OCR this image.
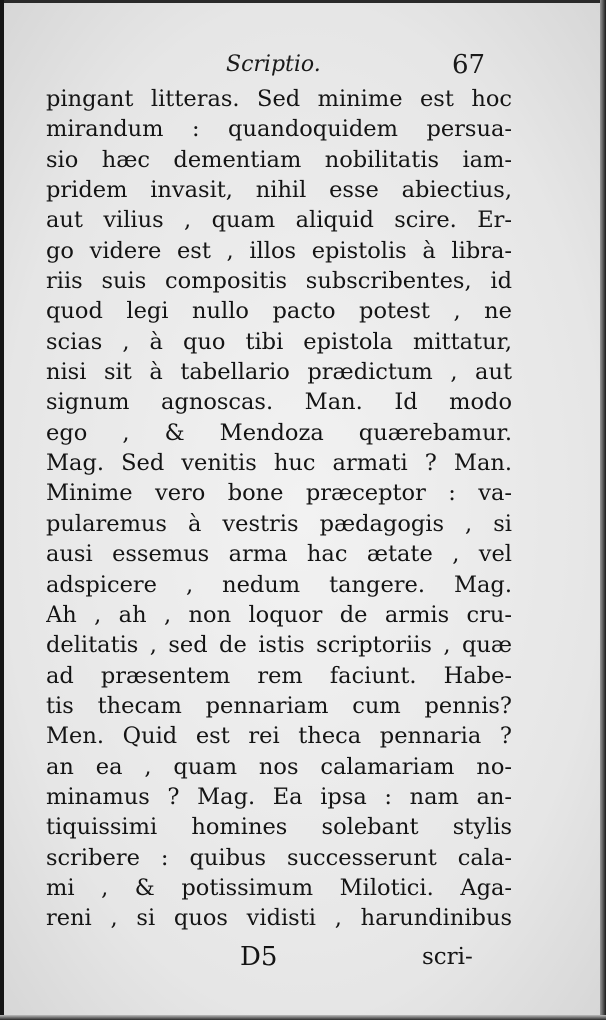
Scriptio.	67
pingant litteras. Sed minime est hoc
mirandum : quandoquidem persua-
sio hæc dementiam nobilitatis iam-
pridem invasit, nihil esse abiectius,
aut vilius , quam aliquid scire. Er-
go videre est , illos epistolis à libra-
riis suis compositis subscribentes, id
quod legi nullo pacto potest , ne
scias , à quo tibi epistola mittatur,
nisi sit à tabellario prædictum , aut
signum agnoscas. Man. Id modo
ego , & Mendoza quærebamur.
Mag. Sed venitis huc armati ? Man.
Minime vero bone præceptor : va-
pularemus à vestris pædagogis , si
ausi essemus arma hac ætate , vel
adspicere , nedum tangere. Mag.
Ah , ah , non loquor de armis cru-
delitatis , sed de istis scriptoriis , quæ
ad præsentem rem faciunt. Habe-
tis thecam pennariam cum pennis?
Men. Quid est rei theca pennaria ?
an ea , quam nos calamariam no-
minamus ? Mag. Ea ipsa : nam an-
tiquissimi homines solebant stylis
scribere : quibus successerunt cala-
mi , & potissimum Milotici. Aga-
reni , si quos vidisti , harundinibus
D5	scri-
